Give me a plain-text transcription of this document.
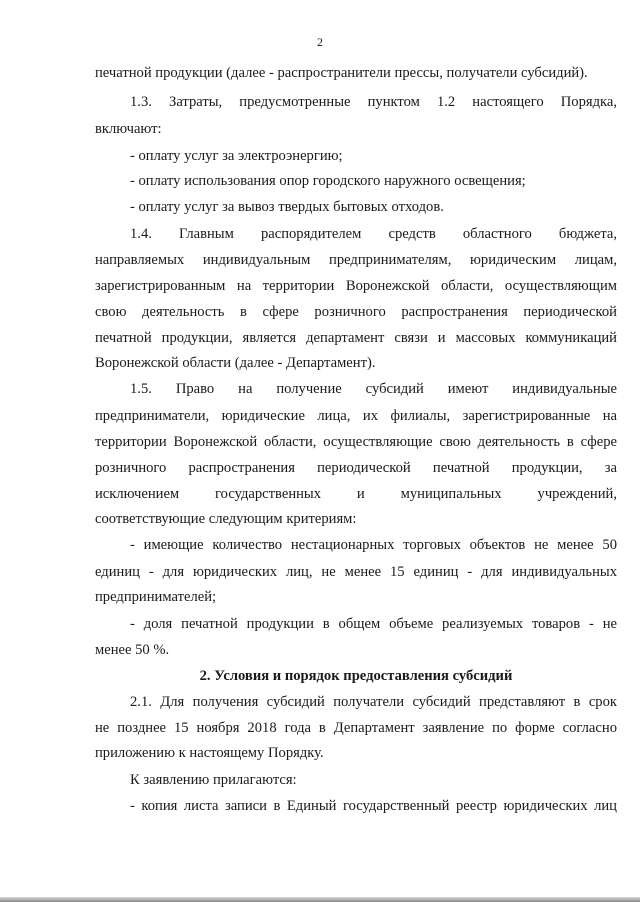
2
печатной продукции (далее - распространители прессы, получатели субсидий).
1.3. Затраты, предусмотренные пунктом 1.2 настоящего Порядка,
включают:
- оплату услуг за электроэнергию;
- оплату использования опор городского наружного освещения;
- оплату услуг за вывоз твердых бытовых отходов.
1.4. Главным распорядителем средств областного бюджета,
направляемых индивидуальным предпринимателям, юридическим лицам,
зарегистрированным на территории Воронежской области, осуществляющим
свою деятельность в сфере розничного распространения периодической
печатной продукции, является департамент связи и массовых коммуникаций
Воронежской области (далее - Департамент).
1.5. Право на получение субсидий имеют индивидуальные
предприниматели, юридические лица, их филиалы, зарегистрированные на
территории Воронежской области, осуществляющие свою деятельность в сфере
розничного распространения периодической печатной продукции, за
исключением государственных и муниципальных учреждений,
соответствующие следующим критериям:
- имеющие количество нестационарных торговых объектов не менее 50
единиц - для юридических лиц, не менее 15 единиц - для индивидуальных
предпринимателей;
- доля печатной продукции в общем объеме реализуемых товаров - не
менее 50 %.
2. Условия и порядок предоставления субсидий
2.1. Для получения субсидий получатели субсидий представляют в срок
не позднее 15 ноября 2018 года в Департамент заявление по форме согласно
приложению к настоящему Порядку.
К заявлению прилагаются:
- копия листа записи в Единый государственный реестр юридических лиц
